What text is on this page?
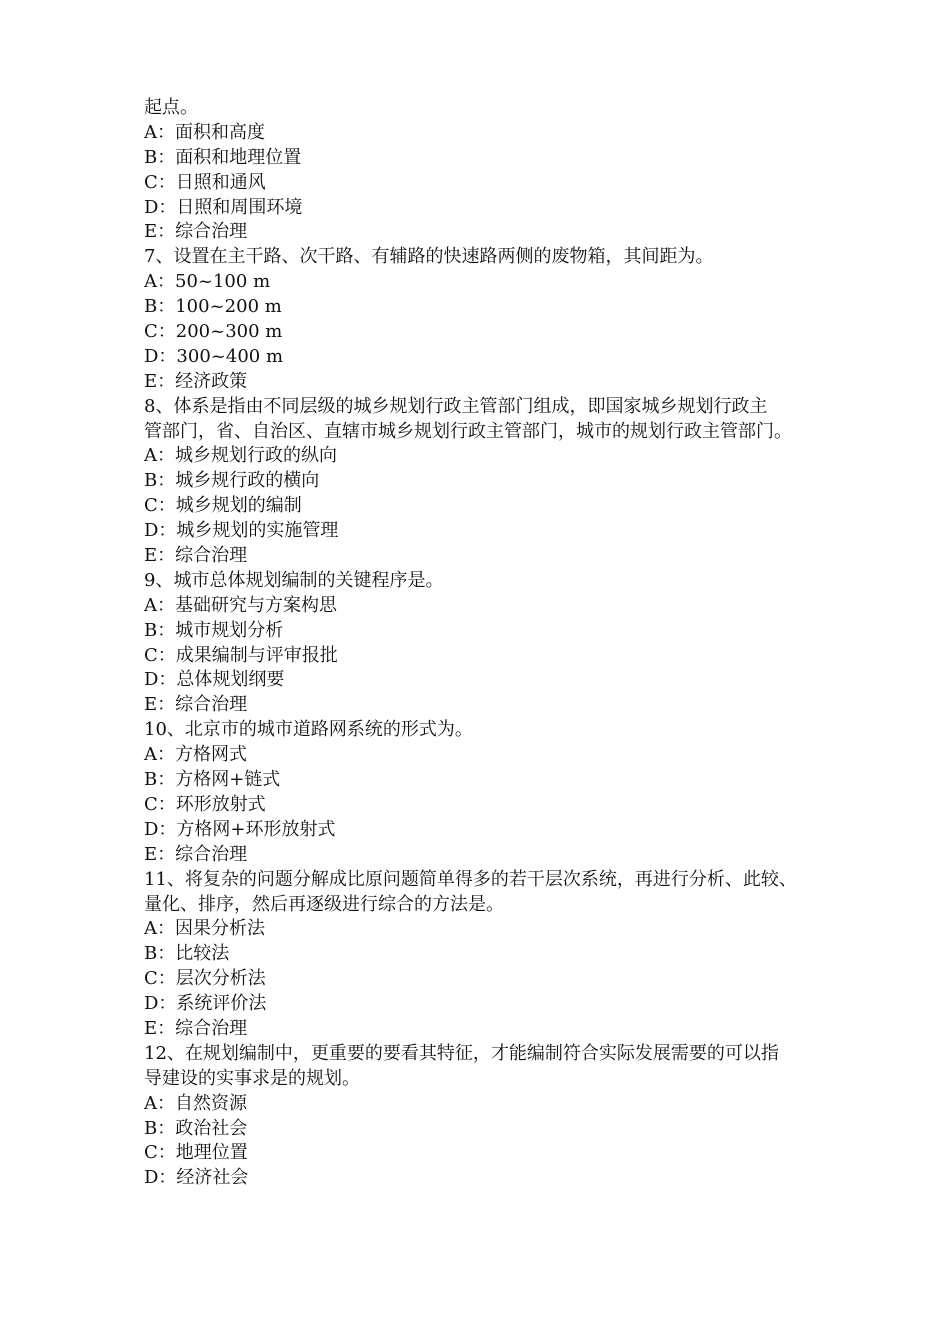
起点。
A：面积和高度
B：面积和地理位置
C：日照和通风
D：日照和周围环境
E：综合治理
7、设置在主干路、次干路、有辅路的快速路两侧的废物箱，其间距为。
A：50~100 m
B：100~200 m
C：200~300 m
D：300~400 m
E：经济政策
8、体系是指由不同层级的城乡规划行政主管部门组成，即国家城乡规划行政主
管部门，省、自治区、直辖市城乡规划行政主管部门，城市的规划行政主管部门。
A：城乡规划行政的纵向
B：城乡规行政的横向
C：城乡规划的编制
D：城乡规划的实施管理
E：综合治理
9、城市总体规划编制的关键程序是。
A：基础研究与方案构思
B：城市规划分析
C：成果编制与评审报批
D：总体规划纲要
E：综合治理
10、北京市的城市道路网系统的形式为。
A：方格网式
B：方格网+链式
C：环形放射式
D：方格网+环形放射式
E：综合治理
11、将复杂的问题分解成比原问题简单得多的若干层次系统，再进行分析、此较、
量化、排序，然后再逐级进行综合的方法是。
A：因果分析法
B：比较法
C：层次分析法
D：系统评价法
E：综合治理
12、在规划编制中，更重要的要看其特征，才能编制符合实际发展需要的可以指
导建设的实事求是的规划。
A：自然资源
B：政治社会
C：地理位置
D：经济社会
